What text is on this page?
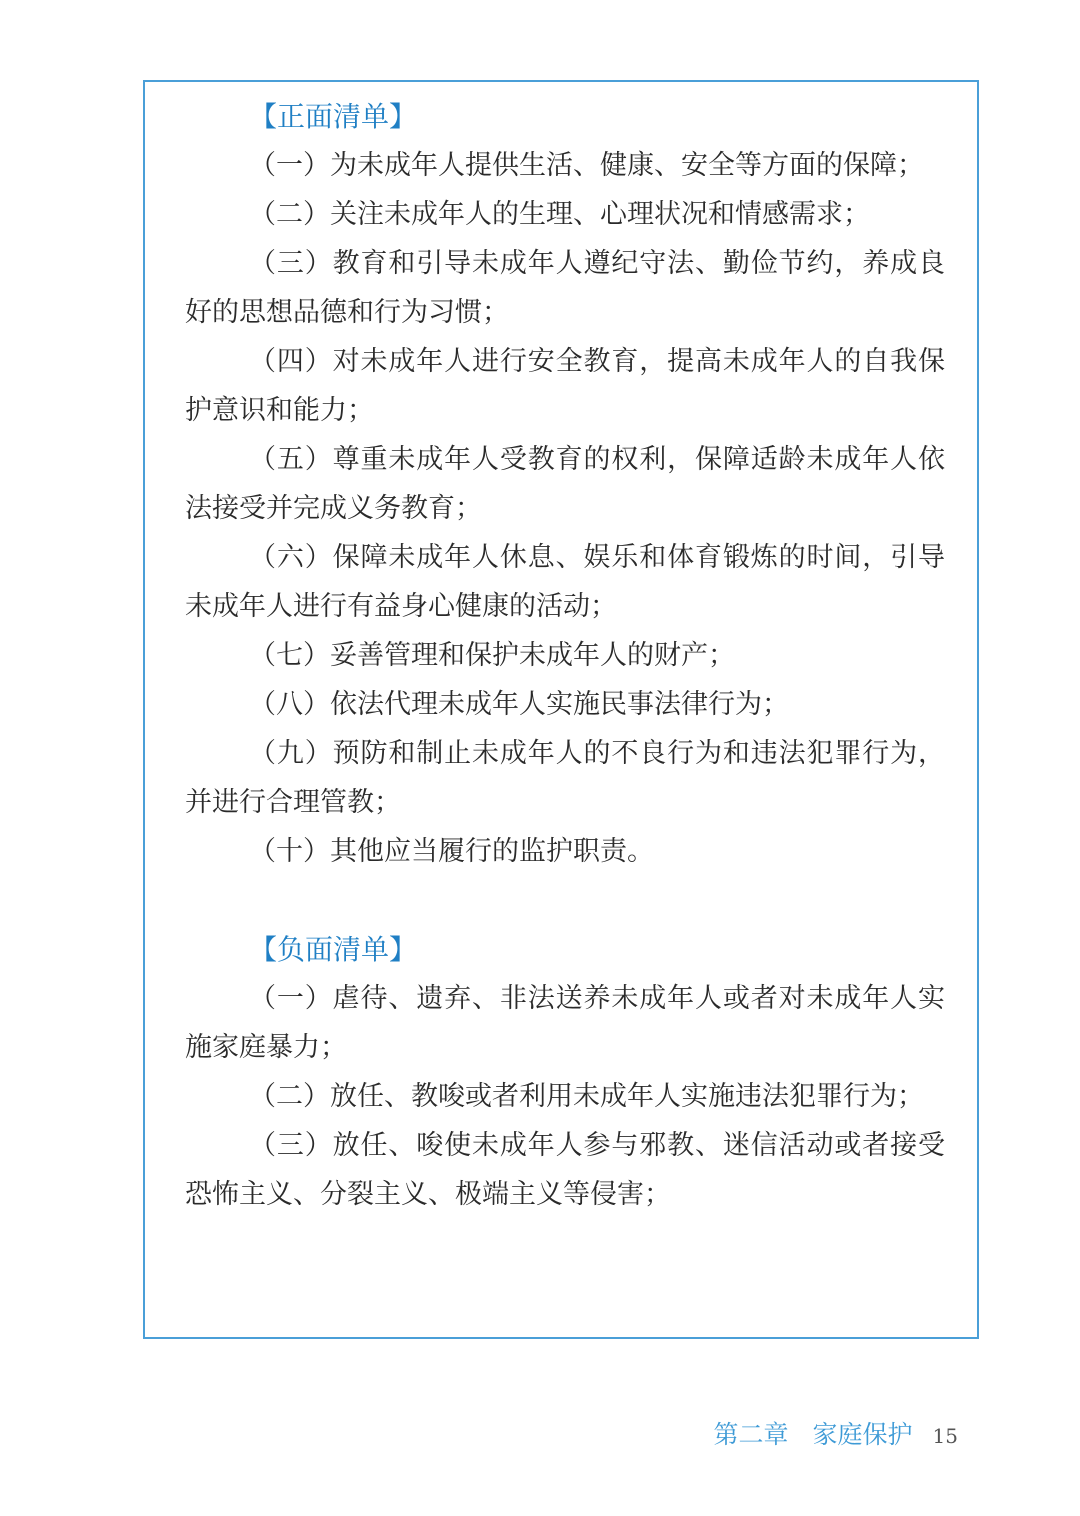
【正面清单】

（一）为未成年人提供生活、健康、安全等方面的保障；

（二）关注未成年人的生理、心理状况和情感需求；

（三）教育和引导未成年人遵纪守法、勤俭节约，养成良好的思想品德和行为习惯；

（四）对未成年人进行安全教育，提高未成年人的自我保护意识和能力；

（五）尊重未成年人受教育的权利，保障适龄未成年人依法接受并完成义务教育；

（六）保障未成年人休息、娱乐和体育锻炼的时间，引导未成年人进行有益身心健康的活动；

（七）妥善管理和保护未成年人的财产；

（八）依法代理未成年人实施民事法律行为；

（九）预防和制止未成年人的不良行为和违法犯罪行为，并进行合理管教；

（十）其他应当履行的监护职责。

【负面清单】

（一）虐待、遗弃、非法送养未成年人或者对未成年人实施家庭暴力；

（二）放任、教唆或者利用未成年人实施违法犯罪行为；

（三）放任、唆使未成年人参与邪教、迷信活动或者接受恐怖主义、分裂主义、极端主义等侵害；

第二章 家庭保护 15
